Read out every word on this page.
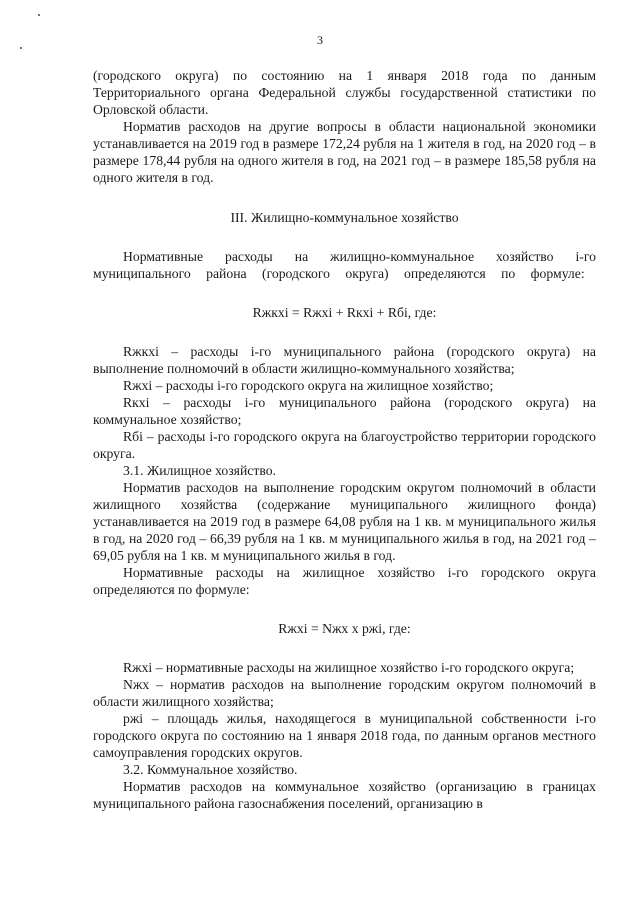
3

(городского округа) по состоянию на 1 января 2018 года по данным Территориального органа Федеральной службы государственной статистики по Орловской области.

Норматив расходов на другие вопросы в области национальной экономики устанавливается на 2019 год в размере 172,24 рубля на 1 жителя в год, на 2020 год – в размере 178,44 рубля на одного жителя в год, на 2021 год – в размере 185,58 рубля на одного жителя в год.

III. Жилищно-коммунальное хозяйство

Нормативные расходы на жилищно-коммунальное хозяйство i-го муниципального района (городского округа) определяются по формуле:

Rжкхi = Rжхi + Rкхi + Rбi, где:

Rжкхi – расходы i-го муниципального района (городского округа) на выполнение полномочий в области жилищно-коммунального хозяйства;

Rжхi – расходы i-го городского округа на жилищное хозяйство;

Rкхi – расходы i-го муниципального района (городского округа) на коммунальное хозяйство;

Rбi – расходы i-го городского округа на благоустройство территории городского округа.

3.1. Жилищное хозяйство.

Норматив расходов на выполнение городским округом полномочий в области жилищного хозяйства (содержание муниципального жилищного фонда) устанавливается на 2019 год в размере 64,08 рубля на 1 кв. м муниципального жилья в год, на 2020 год – 66,39 рубля на 1 кв. м муниципального жилья в год, на 2021 год – 69,05 рубля на 1 кв. м муниципального жилья в год.

Нормативные расходы на жилищное хозяйство i-го городского округа определяются по формуле:

Rжхi = Nжх x pжi, где:

Rжхi – нормативные расходы на жилищное хозяйство i-го городского округа;

Nжх – норматив расходов на выполнение городским округом полномочий в области жилищного хозяйства;

pжi – площадь жилья, находящегося в муниципальной собственности i-го городского округа по состоянию на 1 января 2018 года, по данным органов местного самоуправления городских округов.

3.2. Коммунальное хозяйство.

Норматив расходов на коммунальное хозяйство (организацию в границах муниципального района газоснабжения поселений, организацию в
